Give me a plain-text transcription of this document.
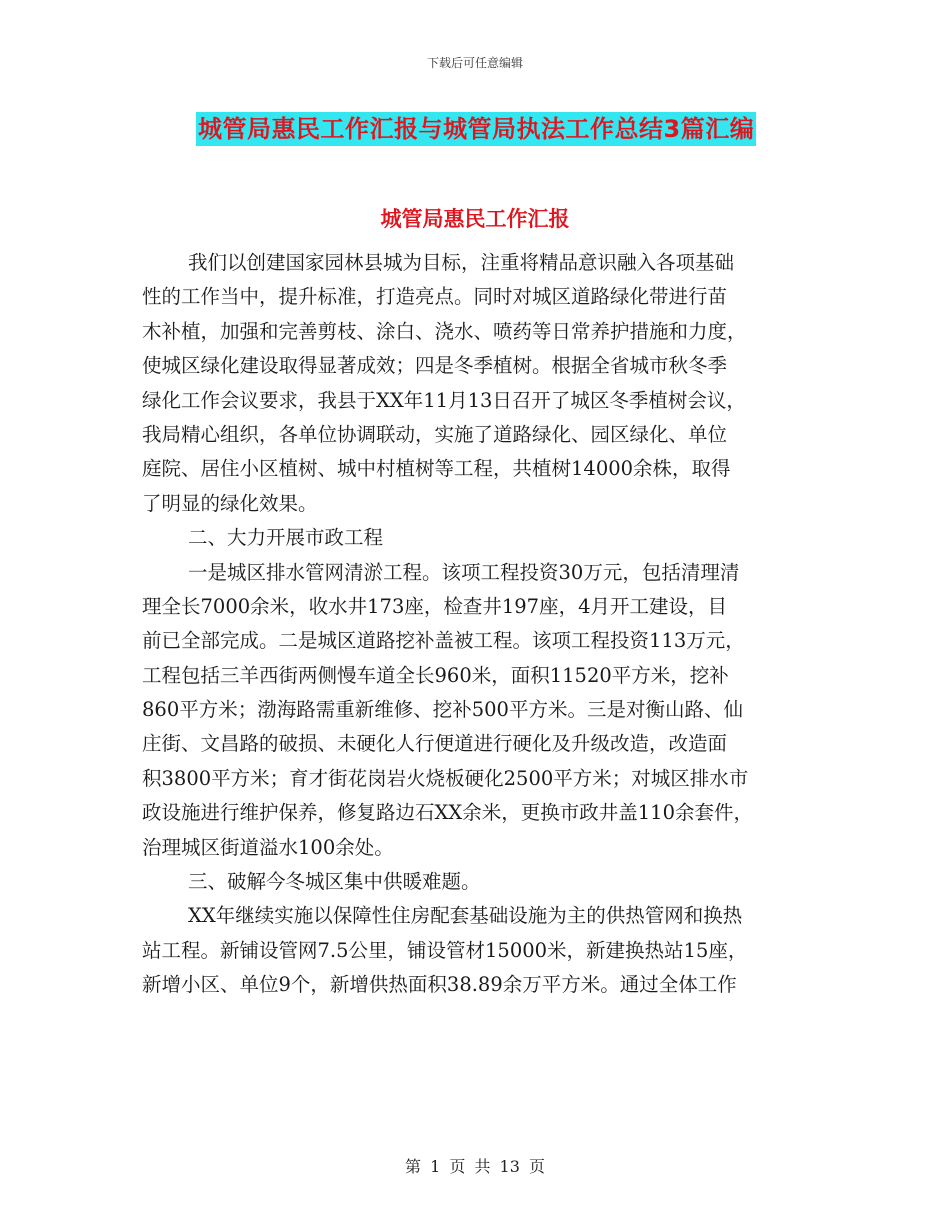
下载后可任意编辑
城管局惠民工作汇报与城管局执法工作总结3篇汇编
城管局惠民工作汇报
我们以创建国家园林县城为目标，注重将精品意识融入各项基础
性的工作当中，提升标准，打造亮点。同时对城区道路绿化带进行苗
木补植，加强和完善剪枝、涂白、浇水、喷药等日常养护措施和力度，
使城区绿化建设取得显著成效；四是冬季植树。根据全省城市秋冬季
绿化工作会议要求，我县于XX年11月13日召开了城区冬季植树会议，
我局精心组织，各单位协调联动，实施了道路绿化、园区绿化、单位
庭院、居住小区植树、城中村植树等工程，共植树14000余株，取得
了明显的绿化效果。
二、大力开展市政工程
一是城区排水管网清淤工程。该项工程投资30万元，包括清理清
理全长7000余米，收水井173座，检查井197座，4月开工建设，目
前已全部完成。二是城区道路挖补盖被工程。该项工程投资113万元，
工程包括三羊西街两侧慢车道全长960米，面积11520平方米，挖补
860平方米；渤海路需重新维修、挖补500平方米。三是对衡山路、仙
庄街、文昌路的破损、未硬化人行便道进行硬化及升级改造，改造面
积3800平方米；育才街花岗岩火烧板硬化2500平方米；对城区排水市
政设施进行维护保养，修复路边石XX余米，更换市政井盖110余套件，
治理城区街道溢水100余处。
三、破解今冬城区集中供暖难题。
XX年继续实施以保障性住房配套基础设施为主的供热管网和换热
站工程。新铺设管网7.5公里，铺设管材15000米，新建换热站15座，
新增小区、单位9个，新增供热面积38.89余万平方米。通过全体工作
第 1 页 共 13 页
